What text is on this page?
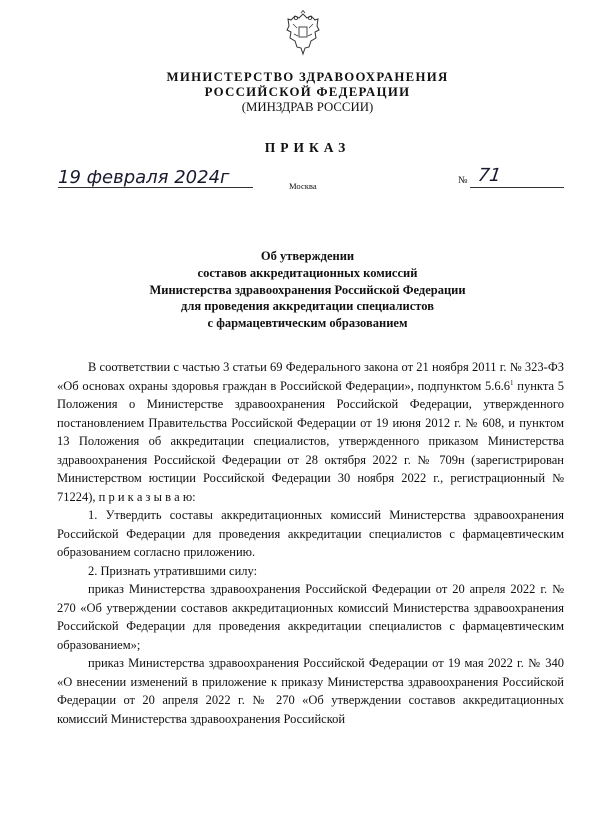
МИНИСТЕРСТВО ЗДРАВООХРАНЕНИЯ
РОССИЙСКОЙ ФЕДЕРАЦИИ
(МИНЗДРАВ РОССИИ)
ПРИКАЗ
19 февраля 2024г	Москва	№ 71
Об утверждении
составов аккредитационных комиссий
Министерства здравоохранения Российской Федерации
для проведения аккредитации специалистов
с фармацевтическим образованием

В соответствии с частью 3 статьи 69 Федерального закона от 21 ноября 2011 г. № 323-ФЗ «Об основах охраны здоровья граждан в Российской Федерации», подпунктом 5.6.6$^1$ пункта 5 Положения о Министерстве здравоохранения Российской Федерации, утвержденного постановлением Правительства Российской Федерации от 19 июня 2012 г. № 608, и пунктом 13 Положения об аккредитации специалистов, утвержденного приказом Министерства здравоохранения Российской Федерации от 28 октября 2022 г. № 709н (зарегистрирован Министерством юстиции Российской Федерации 30 ноября 2022 г., регистрационный № 71224), п р и к а з ы в а ю:

1. Утвердить составы аккредитационных комиссий Министерства здравоохранения Российской Федерации для проведения аккредитации специалистов с фармацевтическим образованием согласно приложению.

2. Признать утратившими силу:

приказ Министерства здравоохранения Российской Федерации от 20 апреля 2022 г. № 270 «Об утверждении составов аккредитационных комиссий Министерства здравоохранения Российской Федерации для проведения аккредитации специалистов с фармацевтическим образованием»;

приказ Министерства здравоохранения Российской Федерации от 19 мая 2022 г. № 340 «О внесении изменений в приложение к приказу Министерства здравоохранения Российской Федерации от 20 апреля 2022 г. № 270 «Об утверждении составов аккредитационных комиссий Министерства здравоохранения Российской
